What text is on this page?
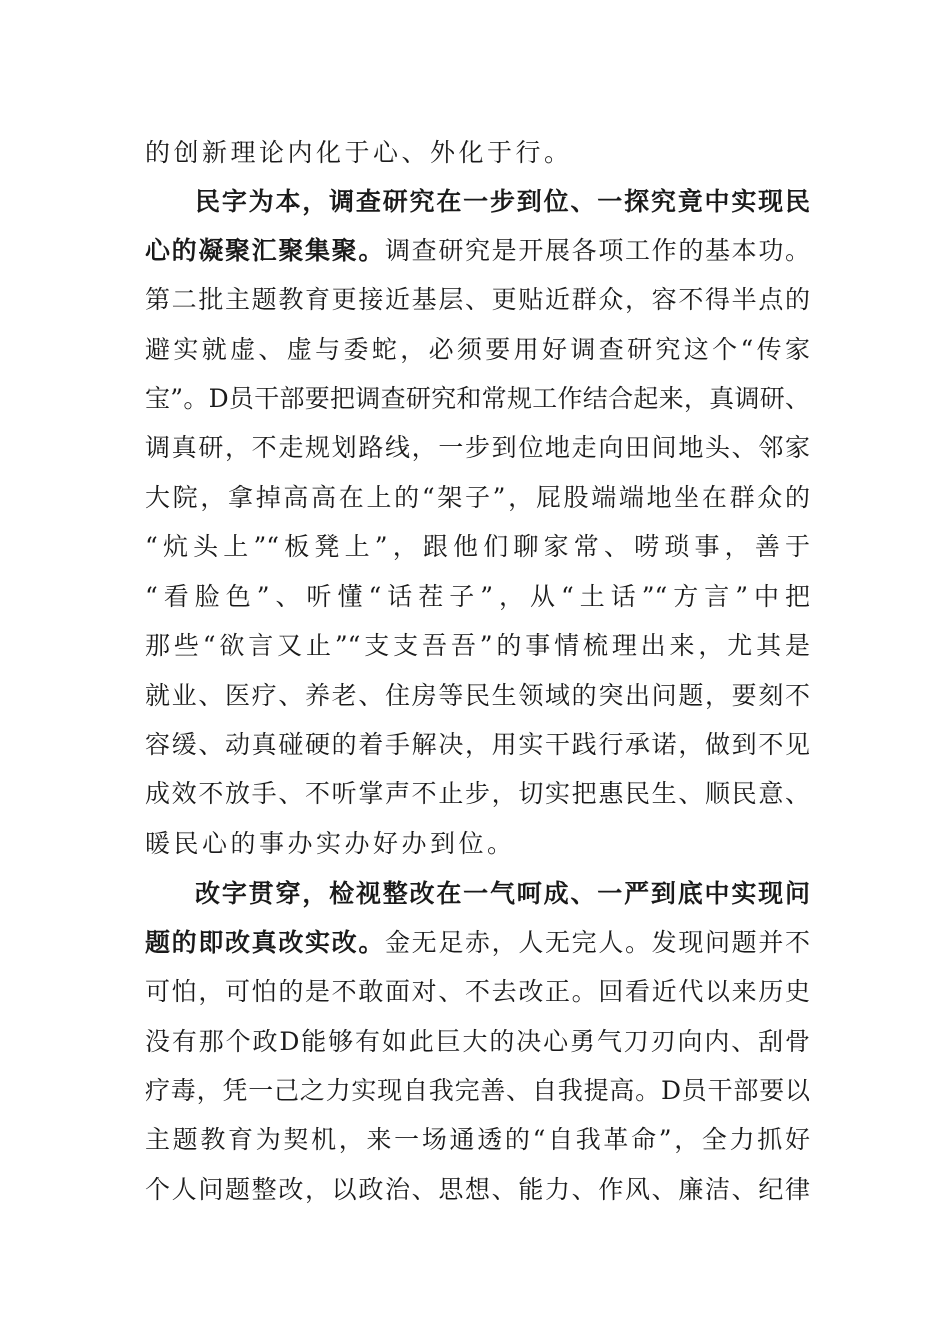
的创新理论内化于心、外化于行。
民字为本，调查研究在一步到位、一探究竟中实现民
心的凝聚汇聚集聚。调查研究是开展各项工作的基本功。
第二批主题教育更接近基层、更贴近群众，容不得半点的
避实就虚、虚与委蛇，必须要用好调查研究这个“传家
宝”。D员干部要把调查研究和常规工作结合起来，真调研、
调真研，不走规划路线，一步到位地走向田间地头、邻家
大院，拿掉高高在上的“架子”，屁股端端地坐在群众的
“炕头上”“板凳上”，跟他们聊家常、唠琐事，善于
“看脸色”、听懂“话茬子”，从“土话”“方言”中把
那些“欲言又止”“支支吾吾”的事情梳理出来，尤其是
就业、医疗、养老、住房等民生领域的突出问题，要刻不
容缓、动真碰硬的着手解决，用实干践行承诺，做到不见
成效不放手、不听掌声不止步，切实把惠民生、顺民意、
暖民心的事办实办好办到位。
改字贯穿，检视整改在一气呵成、一严到底中实现问
题的即改真改实改。金无足赤，人无完人。发现问题并不
可怕，可怕的是不敢面对、不去改正。回看近代以来历史
没有那个政D能够有如此巨大的决心勇气刀刃向内、刮骨
疗毒，凭一己之力实现自我完善、自我提高。D员干部要以
主题教育为契机，来一场通透的“自我革命”，全力抓好
个人问题整改，以政治、思想、能力、作风、廉洁、纪律
